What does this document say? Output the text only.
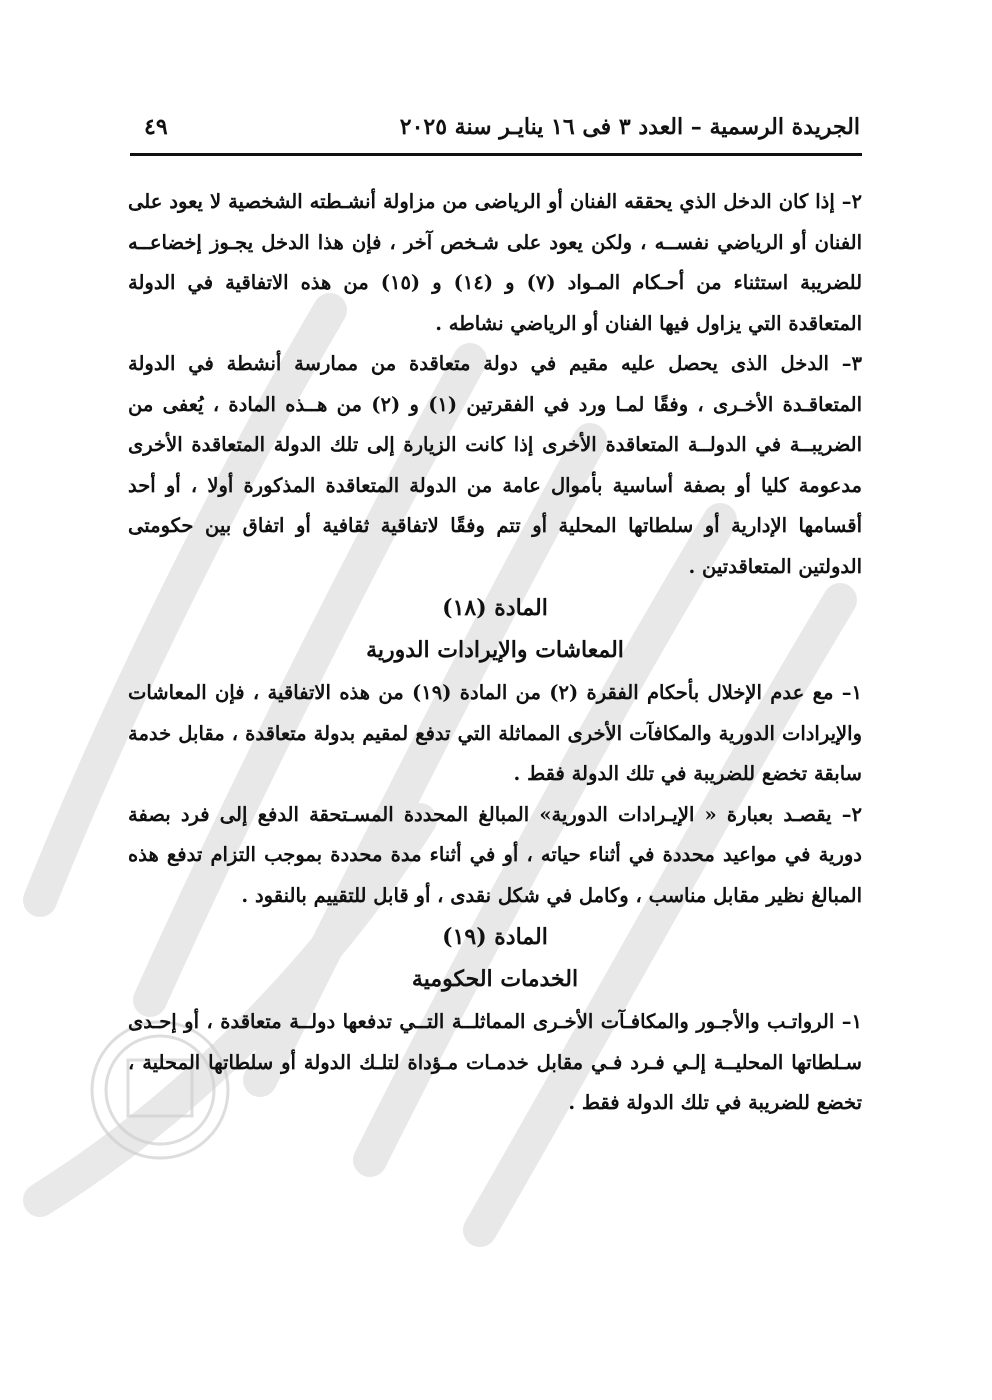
الجريدة الرسمية – العدد ٣ فى ١٦ ينايـر سنة ٢٠٢٥
٤٩

٢– إذا كان الدخل الذي يحققه الفنان أو الرياضى من مزاولة أنشـطته الشخصية لا يعود على الفنان أو الرياضي نفســه ، ولكن يعود على شـخص آخر ، فإن هذا الدخل يجـوز إخضاعــه للضريبة استثناء من أحـكام المـواد (٧) و (١٤) و (١٥) من هذه الاتفاقية في الدولة المتعاقدة التي يزاول فيها الفنان أو الرياضي نشاطه .

٣– الدخل الذى يحصل عليه مقيم في دولة متعاقدة من ممارسة أنشطة في الدولة المتعاقـدة الأخـرى ، وفقًا لمـا ورد في الفقرتين (١) و (٢) من هــذه المادة ، يُعفى من الضريبــة في الدولــة المتعاقدة الأخرى إذا كانت الزيارة إلى تلك الدولة المتعاقدة الأخرى مدعومة كليا أو بصفة أساسية بأموال عامة من الدولة المتعاقدة المذكورة أولا ، أو أحد أقسامها الإدارية أو سلطاتها المحلية أو تتم وفقًا لاتفاقية ثقافية أو اتفاق بين حكومتى الدولتين المتعاقدتين .

المادة (١٨)

المعاشات والإيرادات الدورية

١– مع عدم الإخلال بأحكام الفقرة (٢) من المادة (١٩) من هذه الاتفاقية ، فإن المعاشات والإيرادات الدورية والمكافآت الأخرى المماثلة التي تدفع لمقيم بدولة متعاقدة ، مقابل خدمة سابقة تخضع للضريبة في تلك الدولة فقط .

٢– يقصـد بعبارة « الإيـرادات الدورية» المبالغ المحددة المسـتحقة الدفع إلى فرد بصفة دورية في مواعيد محددة في أثناء حياته ، أو في أثناء مدة محددة بموجب التزام تدفع هذه المبالغ نظير مقابل مناسب ، وكامل في شكل نقدى ، أو قابل للتقييم بالنقود .

المادة (١٩)

الخدمات الحكومية

١– الرواتـب والأجـور والمكافـآت الأخـرى المماثلــة التــي تدفعها دولــة متعاقدة ، أو إحـدى سـلطاتها المحليــة إلـي فـرد فـي مقابل خدمـات مـؤداة لتلـك الدولة أو سلطاتها المحلية ، تخضع للضريبة في تلك الدولة فقط .
